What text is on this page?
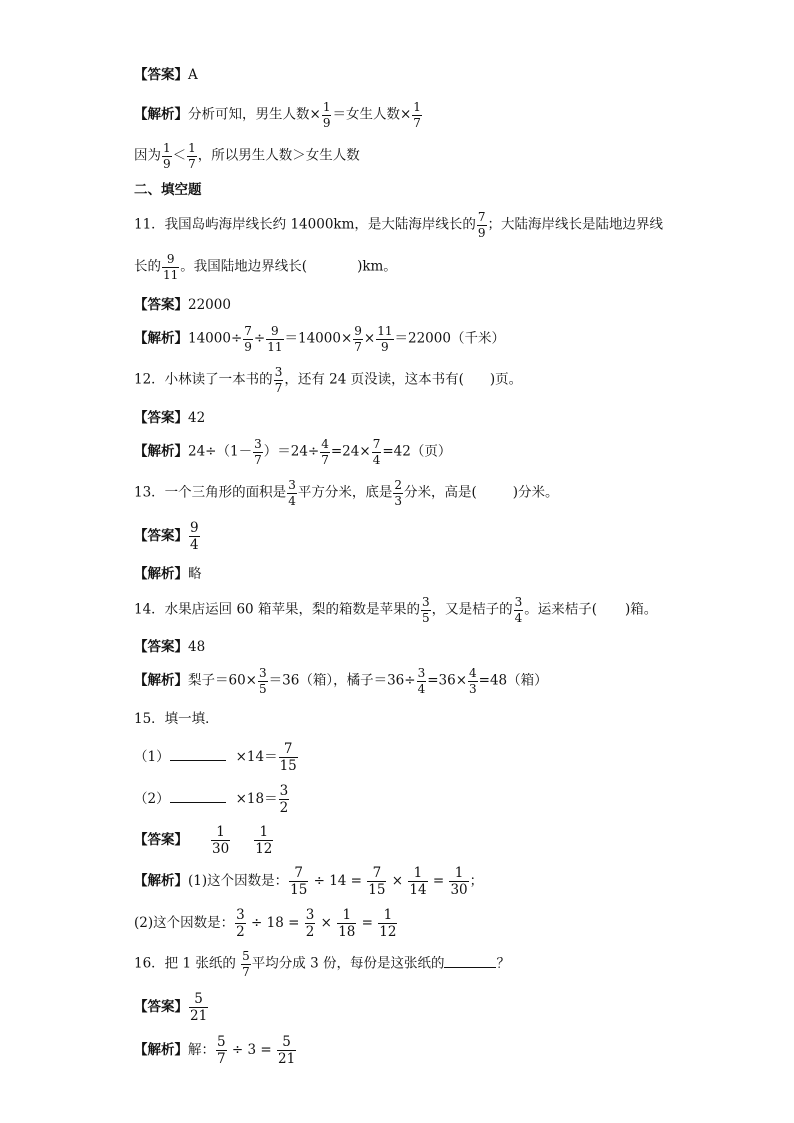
【答案】A
【解析】分析可知，男生人数× $\frac{1}{9}$ ＝女生人数× $\frac{1}{7}$
因为 $\frac{1}{9} < \frac{1}{7}$ ，所以男生人数＞女生人数
二、填空题
11．我国岛屿海岸线长约 14000km，是大陆海岸线长的 $\frac{7}{9}$ ；大陆海岸线长是陆地边界线
长的 $\frac{9}{11}$ 。我国陆地边界线长(	)km。
【答案】22000
【解析】$14000\div \frac{7}{9} \div \frac{9}{11} =14000\times \frac{9}{7} \times \frac{11}{9} =22000$（千米）
12．小林读了一本书的 $\frac{3}{7}$ ，还有 24 页没读，这本书有( )页。
【答案】42
【解析】$24\div(1- \frac{3}{7} )=24\div \frac{4}{7} =24\times \frac{7}{4} =42$（页）
13．一个三角形的面积是 $\frac{3}{4}$ 平方分米，底是 $\frac{2}{3}$ 分米，高是(	)分米。
【答案】 $\frac{9}{4}$
【解析】略
14．水果店运回 60 箱苹果，梨的箱数是苹果的 $\frac{3}{5}$ ，又是桔子的 $\frac{3}{4}$ 。运来桔子( )箱。
【答案】48
【解析】梨子$=60\times \frac{3}{5} =36$（箱），橘子$=36\div \frac{3}{4} =36\times \frac{4}{3} =48$（箱）
15．填一填．
（1）	$\times 14= \frac{7}{15}$
（2）	$\times 18= \frac{3}{2}$
【答案】 $\frac{1}{30} \frac{1}{12}$
【解析】(1)这个因数是： $\frac{7}{15} \div 14 = \frac{7}{15} \times \frac{1}{14} = \frac{1}{30}$ ；
(2)这个因数是： $\frac{3}{2} \div 18 = \frac{3}{2} \times \frac{1}{18} = \frac{1}{12}$
16．把 1 张纸的 $\frac{5}{7}$ 平均分成 3 份，每份是这张纸的	？
【答案】 $\frac{5}{21}$
【解析】解： $\frac{5}{7} \div 3 = \frac{5}{21}$
